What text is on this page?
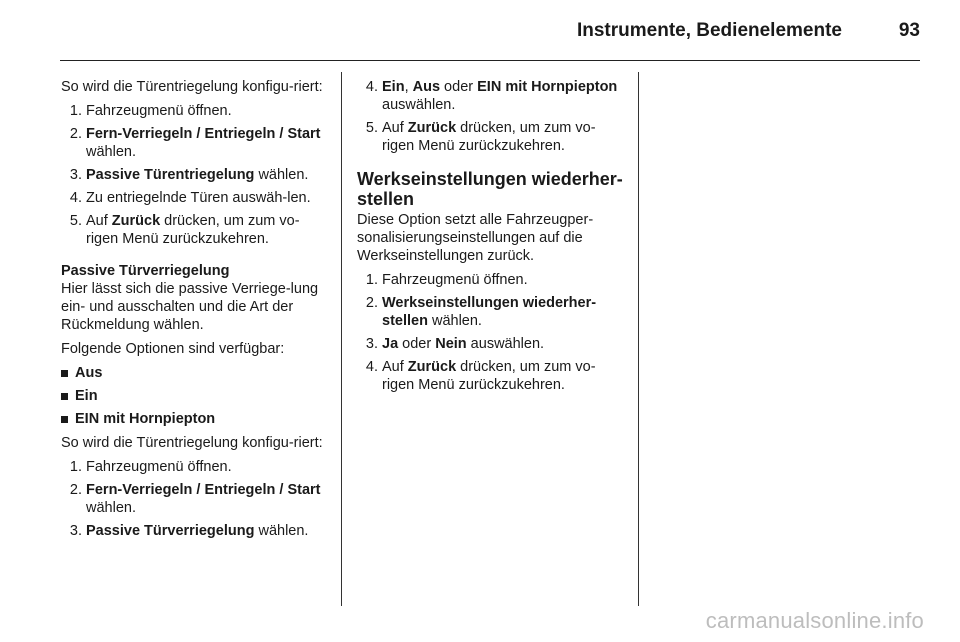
Instrumente, Bedienelemente	93

So wird die Türentriegelung konfigu-riert:

1. Fahrzeugmenü öffnen.
2. Fern-Verriegeln / Entriegeln / Start wählen.
3. Passive Türentriegelung wählen.
4. Zu entriegelnde Türen auswäh-len.
5. Auf Zurück drücken, um zum vo-rigen Menü zurückzukehren.

Passive Türverriegelung

Hier lässt sich die passive Verriege-lung ein- und ausschalten und die Art der Rückmeldung wählen.

Folgende Optionen sind verfügbar:

Aus
Ein
EIN mit Hornpiepton

So wird die Türentriegelung konfigu-riert:

1. Fahrzeugmenü öffnen.
2. Fern-Verriegeln / Entriegeln / Start wählen.
3. Passive Türverriegelung wählen.
4. Ein, Aus oder EIN mit Hornpiepton auswählen.
5. Auf Zurück drücken, um zum vo-rigen Menü zurückzukehren.

Werkseinstellungen wiederher-stellen

Diese Option setzt alle Fahrzeugper-sonalisierungseinstellungen auf die Werkseinstellungen zurück.

1. Fahrzeugmenü öffnen.
2. Werkseinstellungen wiederher-stellen wählen.
3. Ja oder Nein auswählen.
4. Auf Zurück drücken, um zum vo-rigen Menü zurückzukehren.
carmanualsonline.info
